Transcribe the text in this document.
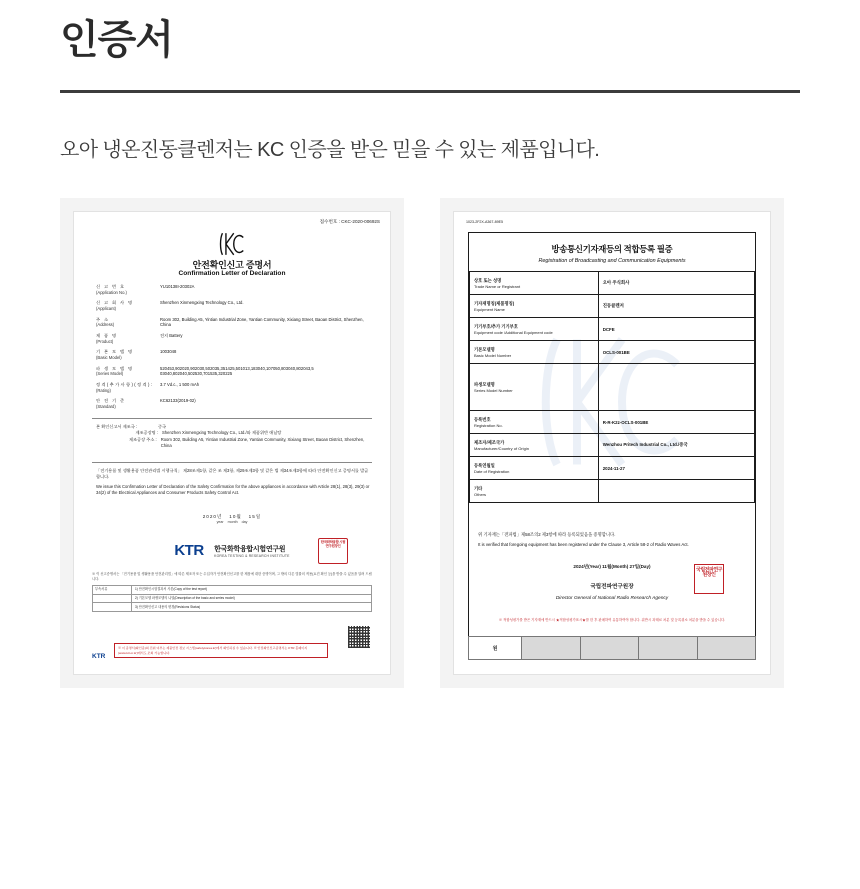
인증서
오아 냉온진동클렌저는 KC 인증을 받은 믿을 수 있는 제품입니다.
접수번호 : CKC-2020-00692S
안전확인신고 증명서
Confirmation Letter of Declaration
신 고 번 호
(Application No.)
YU10138I-20302A
신 고 회 사 명
(Applicant)
Shenzhen Xinmengxing Technology Co., Ltd.
주 소
(Address)
Room 302, Building A5, Yintian Industrial Zone, Yantian Community, Xixiang Street, Baoan District, Shenzhen, China
제 품 명
(Product)
전지 Battery
기 본 모 델 명
(Basic Model)
1003048
파 생 모 델 명
(Series Model)
520453,902020,902030,502035,351425,501013,183040,107050,803040,802043,5 03040,802040,502530,701535,320225
정격(추가사항)(정격):
(Rating)
3.7 Vd.c., 1 500 mAh
안 전 기 준
(Standard)
KC62133(2019-02)
본 확인신고서 제조국 :	중국
제조공장명 : Shenzhen Xinmengxing Technology Co., Ltd./와 제품위반 애닐탕
제조공장 주소 : Room 302, Building A5, Yintian Industrial Zone, Yantian Community, Xixiang Street, Baoan District, Shenzhen, China
「전기용품 및 생활용품 안전관리법 시행규칙」 제28조제1항, 같은 조 제3항, 제29조제3항 및 같은 법 제34조제3항에 따라 안전확인신고 증명서를 발급합니다.
We issue this Confirmation Letter of Declaration of the Safety Confirmation for the above appliances in accordance with Article 28(1), 28(3), 29(3) or 34(2) of the Electrical Appliances and Consumer Products Safety Control Act.
2020년 10월 15일
year month day
KTR 한국화학융합시험연구원
KOREA TESTING & RESEARCH INSTITUTE
한국화학융합 시험연구원장인
※ 이 신고증명서는 「전기용품 및 생활용품 안전관리법」에 따른 제조자 또는 수입자가 안전확인신고를 한 제품에 대한 증명이며, 그 밖의 다른 법률의 적용(요건 확인 등)을 받을 수 있음을 알려 드립니다.
부속서류	1) 안전확인시험결과서 사본(Copy of the test report)
2) 기본모델 파생모델의 나열(Description of the basic and series model)
3) 안전확인신고 내용의 변경(Revisions Status)
※ 이 증명서(확인증)의 진위 여부는 제품안전 정보 시스템(safetykorea.kr)에서 확인하실 수 있습니다. ※ 안전확인신고증명서는 KTR 홈페이지(www.ktr.or.kr)에서도 조회 가능합니다.
KTR
1023-2F2X-A367-89E5
방송통신기자재등의 적합등록 필증
Registration of Broadcasting and Communication Equipments
상호 또는 성명
Trade Name or Registrant	오아 주식회사

기자재명칭(제품명칭)
Equipment Name	진동클렌저

기기부호/추가 기기부호
Equipment code /Additional Equipment code	DCFE

기본모델명
Basic Model Number	OCLS-001BE

파생모델명
Series Model Number	

등록번호
Registration No.	R-R-K2z-OCLS-001BE

제조자/제조국가
Manufacturer/Country of Origin	Wenzhou Pritech Industrial Co., Ltd./중국

등록연월일
Date of Registration	2024-11-27

기타
Others	

위 기자재는「전파법」제58조의2 제3항에 따라 등록되었음을 증명합니다.
It is verified that foregoing equipment has been registered under the Clause 3, Article 58-2 of Radio Waves Act.
2024년(Year) 11월(Month) 27일(Day)
국립전파연구원장
Director General of National Radio Research Agency
국립전파연구원장인
※ 적합성평가를 받은 기자재에 반드시 ★적합성평가표시★를 한 후 판매하여 유통하여야 합니다. 위반시 과태료 처분 및 등록취소 처분을 받을 수 있습니다.
원
